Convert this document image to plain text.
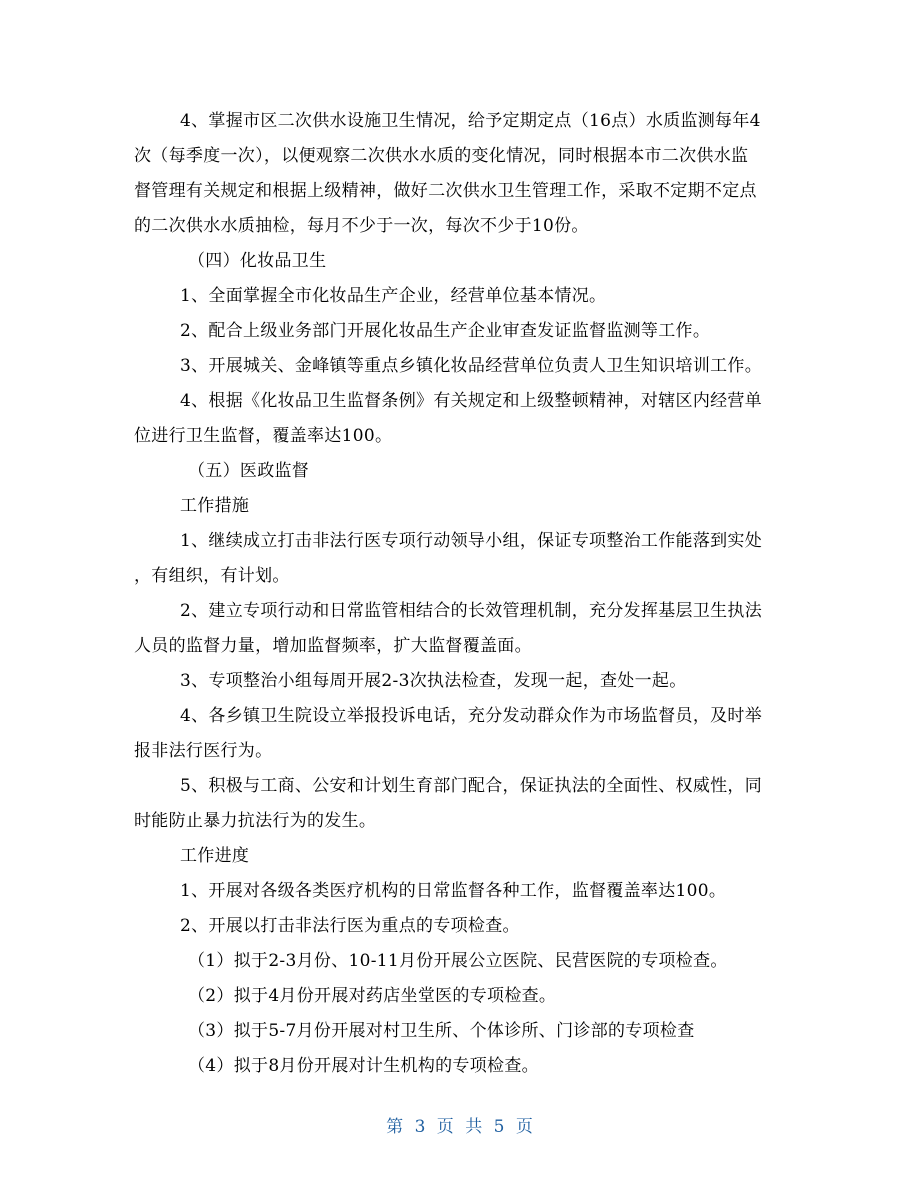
4、掌握市区二次供水设施卫生情况，给予定期定点（16点）水质监测每年4
次（每季度一次），以便观察二次供水水质的变化情况，同时根据本市二次供水监
督管理有关规定和根据上级精神，做好二次供水卫生管理工作，采取不定期不定点
的二次供水水质抽检，每月不少于一次，每次不少于10份。
（四）化妆品卫生
1、全面掌握全市化妆品生产企业，经营单位基本情况。
2、配合上级业务部门开展化妆品生产企业审查发证监督监测等工作。
3、开展城关、金峰镇等重点乡镇化妆品经营单位负责人卫生知识培训工作。
4、根据《化妆品卫生监督条例》有关规定和上级整顿精神，对辖区内经营单
位进行卫生监督，覆盖率达100。
（五）医政监督
工作措施
1、继续成立打击非法行医专项行动领导小组，保证专项整治工作能落到实处
，有组织，有计划。
2、建立专项行动和日常监管相结合的长效管理机制，充分发挥基层卫生执法
人员的监督力量，增加监督频率，扩大监督覆盖面。
3、专项整治小组每周开展2-3次执法检查，发现一起，查处一起。
4、各乡镇卫生院设立举报投诉电话，充分发动群众作为市场监督员，及时举
报非法行医行为。
5、积极与工商、公安和计划生育部门配合，保证执法的全面性、权威性，同
时能防止暴力抗法行为的发生。
工作进度
1、开展对各级各类医疗机构的日常监督各种工作，监督覆盖率达100。
2、开展以打击非法行医为重点的专项检查。
（1）拟于2-3月份、10-11月份开展公立医院、民营医院的专项检查。
（2）拟于4月份开展对药店坐堂医的专项检查。
（3）拟于5-7月份开展对村卫生所、个体诊所、门诊部的专项检查
（4）拟于8月份开展对计生机构的专项检查。
第 3 页 共 5 页
